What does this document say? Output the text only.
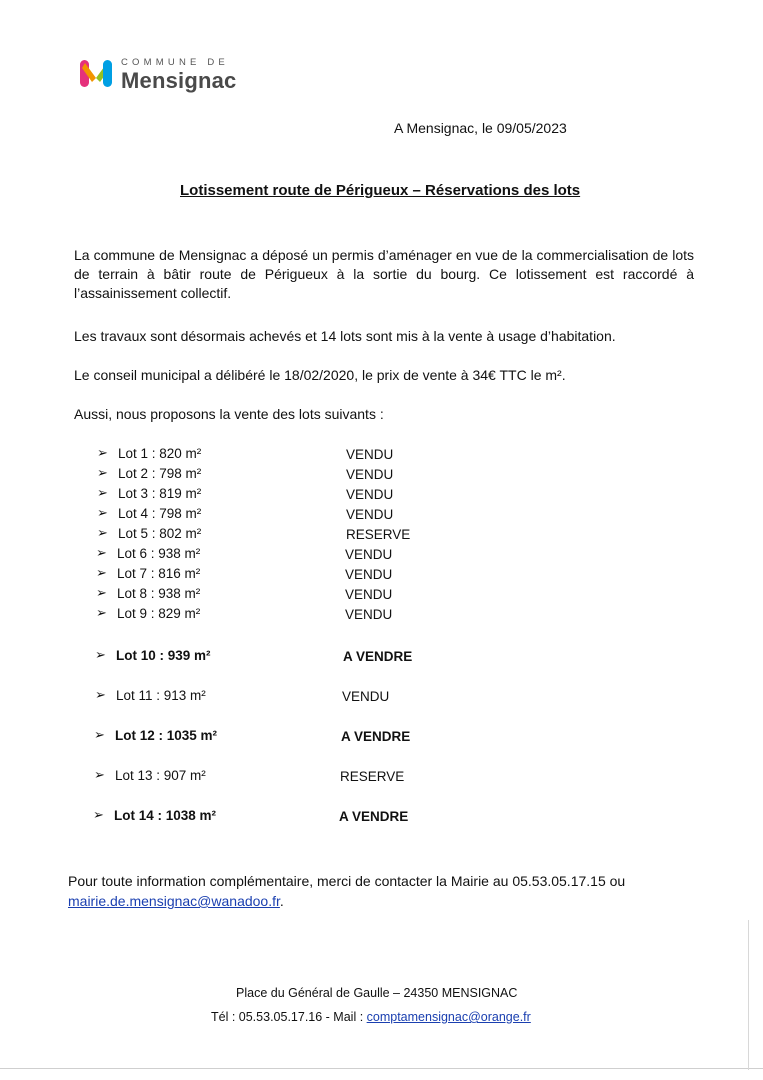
COMMUNE DE
Mensignac
A Mensignac, le 09/05/2023
Lotissement route de Périgueux – Réservations des lots
La commune de Mensignac a déposé un permis d’aménager en vue de la commercialisation de lots de terrain à bâtir route de Périgueux à la sortie du bourg. Ce lotissement est raccordé à l’assainissement collectif.
Les travaux sont désormais achevés et 14 lots sont mis à la vente à usage d’habitation.
Le conseil municipal a délibéré le 18/02/2020, le prix de vente à 34€ TTC le m².
Aussi, nous proposons la vente des lots suivants :
➢ Lot 1 : 820 m²	VENDU
➢ Lot 2 : 798 m²	VENDU
➢ Lot 3 : 819 m²	VENDU
➢ Lot 4 : 798 m²	VENDU
➢ Lot 5 : 802 m²	RESERVE
➢ Lot 6 : 938 m²	VENDU
➢ Lot 7 : 816 m²	VENDU
➢ Lot 8 : 938 m²	VENDU
➢ Lot 9 : 829 m²	VENDU
➢ Lot 10 : 939 m²	A VENDRE
➢ Lot 11 : 913 m²	VENDU
➢ Lot 12 : 1035 m²	A VENDRE
➢ Lot 13 : 907 m²	RESERVE
➢ Lot 14 : 1038 m²	A VENDRE
Pour toute information complémentaire, merci de contacter la Mairie au 05.53.05.17.15 ou
mairie.de.mensignac@wanadoo.fr.
Place du Général de Gaulle – 24350 MENSIGNAC
Tél : 05.53.05.17.16 - Mail : comptamensignac@orange.fr
